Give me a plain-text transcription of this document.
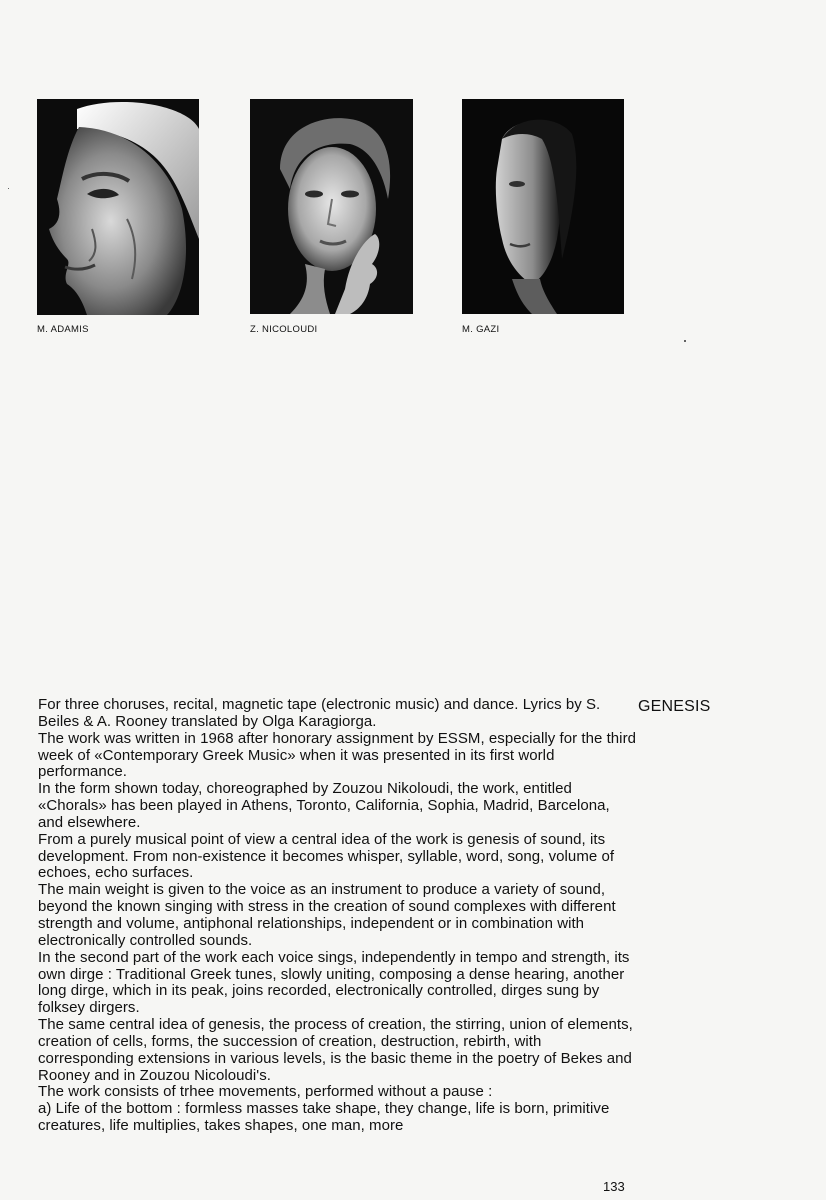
M. ADAMIS	Z. NICOLOUDI	M. GAZI
GENESIS

For three choruses, recital, magnetic tape (electronic music) and dance. Lyrics by S. Beiles & A. Rooney translated by Olga Karagiorga.

The work was written in 1968 after honorary assignment by ESSM, especially for the third week of «Contemporary Greek Music» when it was presented in its first world performance.

In the form shown today, choreographed by Zouzou Nikoloudi, the work, entitled «Chorals» has been played in Athens, Toronto, California, Sophia, Madrid, Barcelona, and elsewhere.

From a purely musical point of view a central idea of the work is genesis of sound, its development. From non-existence it becomes whisper, syllable, word, song, volume of echoes, echo surfaces.

The main weight is given to the voice as an instrument to produce a variety of sound, beyond the known singing with stress in the creation of sound complexes with different strength and volume, antiphonal relationships, independent or in combination with electronically controlled sounds.

In the second part of the work each voice sings, independently in tempo and strength, its own dirge : Traditional Greek tunes, slowly uniting, composing a dense hearing, another long dirge, which in its peak, joins recorded, electronically controlled, dirges sung by folksey dirgers.

The same central idea of genesis, the process of creation, the stirring, union of elements, creation of cells, forms, the succession of creation, destruction, rebirth, with corresponding extensions in various levels, is the basic theme in the poetry of Bekes and Rooney and in Zouzou Nicoloudi's.

The work consists of trhee movements, performed without a pause :

a) Life of the bottom : formless masses take shape, they change, life is born, primitive creatures, life multiplies, takes shapes, one man, more

133
